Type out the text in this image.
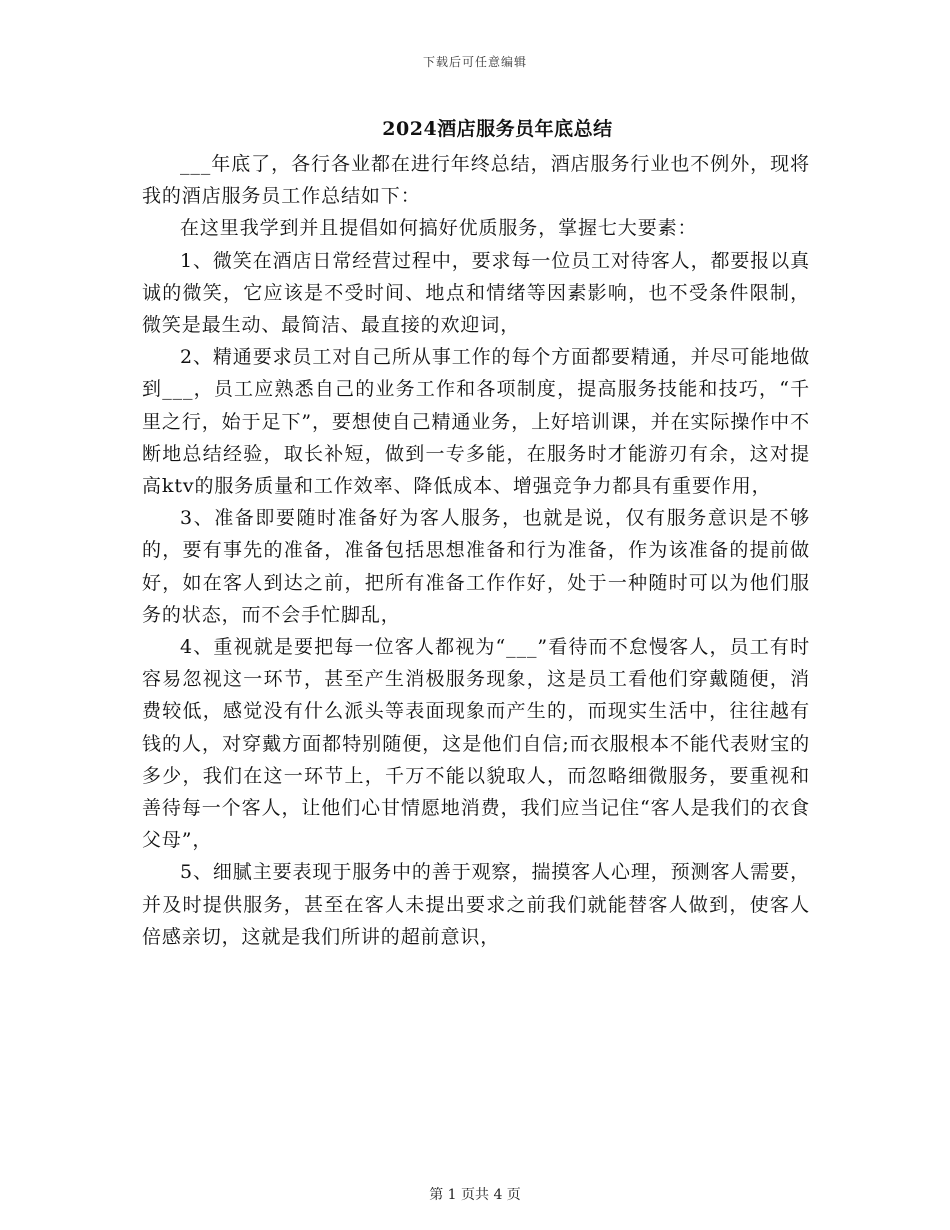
下载后可任意编辑
2024酒店服务员年底总结

___年底了，各行各业都在进行年终总结，酒店服务行业也不例外，现将我的酒店服务员工作总结如下：

在这里我学到并且提倡如何搞好优质服务，掌握七大要素：

1、微笑在酒店日常经营过程中，要求每一位员工对待客人，都要报以真诚的微笑，它应该是不受时间、地点和情绪等因素影响，也不受条件限制，微笑是最生动、最简洁、最直接的欢迎词，

2、精通要求员工对自己所从事工作的每个方面都要精通，并尽可能地做到___，员工应熟悉自己的业务工作和各项制度，提高服务技能和技巧，“千里之行，始于足下”，要想使自己精通业务，上好培训课，并在实际操作中不断地总结经验，取长补短，做到一专多能，在服务时才能游刃有余，这对提高ktv的服务质量和工作效率、降低成本、增强竞争力都具有重要作用，

3、准备即要随时准备好为客人服务，也就是说，仅有服务意识是不够的，要有事先的准备，准备包括思想准备和行为准备，作为该准备的提前做好，如在客人到达之前，把所有准备工作作好，处于一种随时可以为他们服务的状态，而不会手忙脚乱，

4、重视就是要把每一位客人都视为“___”看待而不怠慢客人，员工有时容易忽视这一环节，甚至产生消极服务现象，这是员工看他们穿戴随便，消费较低，感觉没有什么派头等表面现象而产生的，而现实生活中，往往越有钱的人，对穿戴方面都特别随便，这是他们自信;而衣服根本不能代表财宝的多少，我们在这一环节上，千万不能以貌取人，而忽略细微服务，要重视和善待每一个客人，让他们心甘情愿地消费，我们应当记住“客人是我们的衣食父母”，

5、细腻主要表现于服务中的善于观察，揣摸客人心理，预测客人需要，并及时提供服务，甚至在客人未提出要求之前我们就能替客人做到，使客人倍感亲切，这就是我们所讲的超前意识，

第 1 页共 4 页
